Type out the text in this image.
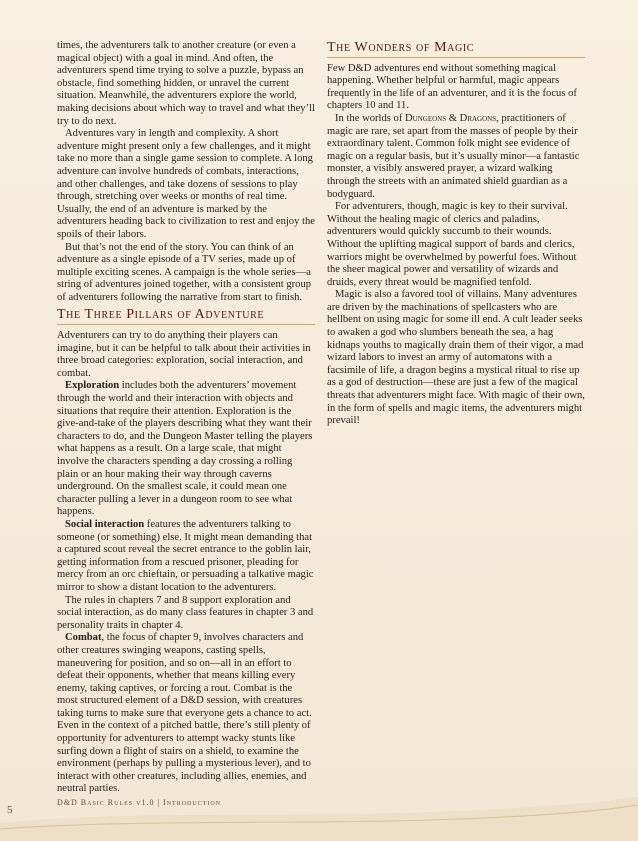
times, the adventurers talk to another creature (or even a magical object) with a goal in mind. And often, the adventurers spend time trying to solve a puzzle, bypass an obstacle, find something hidden, or unravel the current situation. Meanwhile, the adventurers explore the world, making decisions about which way to travel and what they’ll try to do next.

Adventures vary in length and complexity. A short adventure might present only a few challenges, and it might take no more than a single game session to complete. A long adventure can involve hundreds of combats, interactions, and other challenges, and take dozens of sessions to play through, stretching over weeks or months of real time. Usually, the end of an adventure is marked by the adventurers heading back to civilization to rest and enjoy the spoils of their labors.

But that’s not the end of the story. You can think of an adventure as a single episode of a TV series, made up of multiple exciting scenes. A campaign is the whole series—a string of adventures joined together, with a consistent group of adventurers following the narrative from start to finish.

The Three Pillars of Adventure

Adventurers can try to do anything their players can imagine, but it can be helpful to talk about their activities in three broad categories: exploration, social interaction, and combat.

Exploration includes both the adventurers’ movement through the world and their interaction with objects and situations that require their attention. Exploration is the give-and-take of the players describing what they want their characters to do, and the Dungeon Master telling the players what happens as a result. On a large scale, that might involve the characters spending a day crossing a rolling plain or an hour making their way through caverns underground. On the smallest scale, it could mean one character pulling a lever in a dungeon room to see what happens.

Social interaction features the adventurers talking to someone (or something) else. It might mean demanding that a captured scout reveal the secret entrance to the goblin lair, getting information from a rescued prisoner, pleading for mercy from an orc chieftain, or persuading a talkative magic mirror to show a distant location to the adventurers.

The rules in chapters 7 and 8 support exploration and social interaction, as do many class features in chapter 3 and personality traits in chapter 4.

Combat, the focus of chapter 9, involves characters and other creatures swinging weapons, casting spells, maneuvering for position, and so on—all in an effort to defeat their opponents, whether that means killing every enemy, taking captives, or forcing a rout. Combat is the most structured element of a D&D session, with creatures taking turns to make sure that everyone gets a chance to act. Even in the context of a pitched battle, there’s still plenty of opportunity for adventurers to attempt wacky stunts like surfing down a flight of stairs on a shield, to examine the environment (perhaps by pulling a mysterious lever), and to interact with other creatures, including allies, enemies, and neutral parties.

The Wonders of Magic

Few D&D adventures end without something magical happening. Whether helpful or harmful, magic appears frequently in the life of an adventurer, and it is the focus of chapters 10 and 11.

In the worlds of Dungeons & Dragons, practitioners of magic are rare, set apart from the masses of people by their extraordinary talent. Common folk might see evidence of magic on a regular basis, but it’s usually minor—a fantastic monster, a visibly answered prayer, a wizard walking through the streets with an animated shield guardian as a bodyguard.

For adventurers, though, magic is key to their survival. Without the healing magic of clerics and paladins, adventurers would quickly succumb to their wounds. Without the uplifting magical support of bards and clerics, warriors might be overwhelmed by powerful foes. Without the sheer magical power and versatility of wizards and druids, every threat would be magnified tenfold.

Magic is also a favored tool of villains. Many adventures are driven by the machinations of spellcasters who are hellbent on using magic for some ill end. A cult leader seeks to awaken a god who slumbers beneath the sea, a hag kidnaps youths to magically drain them of their vigor, a mad wizard labors to invest an army of automatons with a facsimile of life, a dragon begins a mystical ritual to rise up as a god of destruction—these are just a few of the magical threats that adventurers might face. With magic of their own, in the form of spells and magic items, the adventurers might prevail!

D&D Basic Rules v1.0 | Introduction
5
